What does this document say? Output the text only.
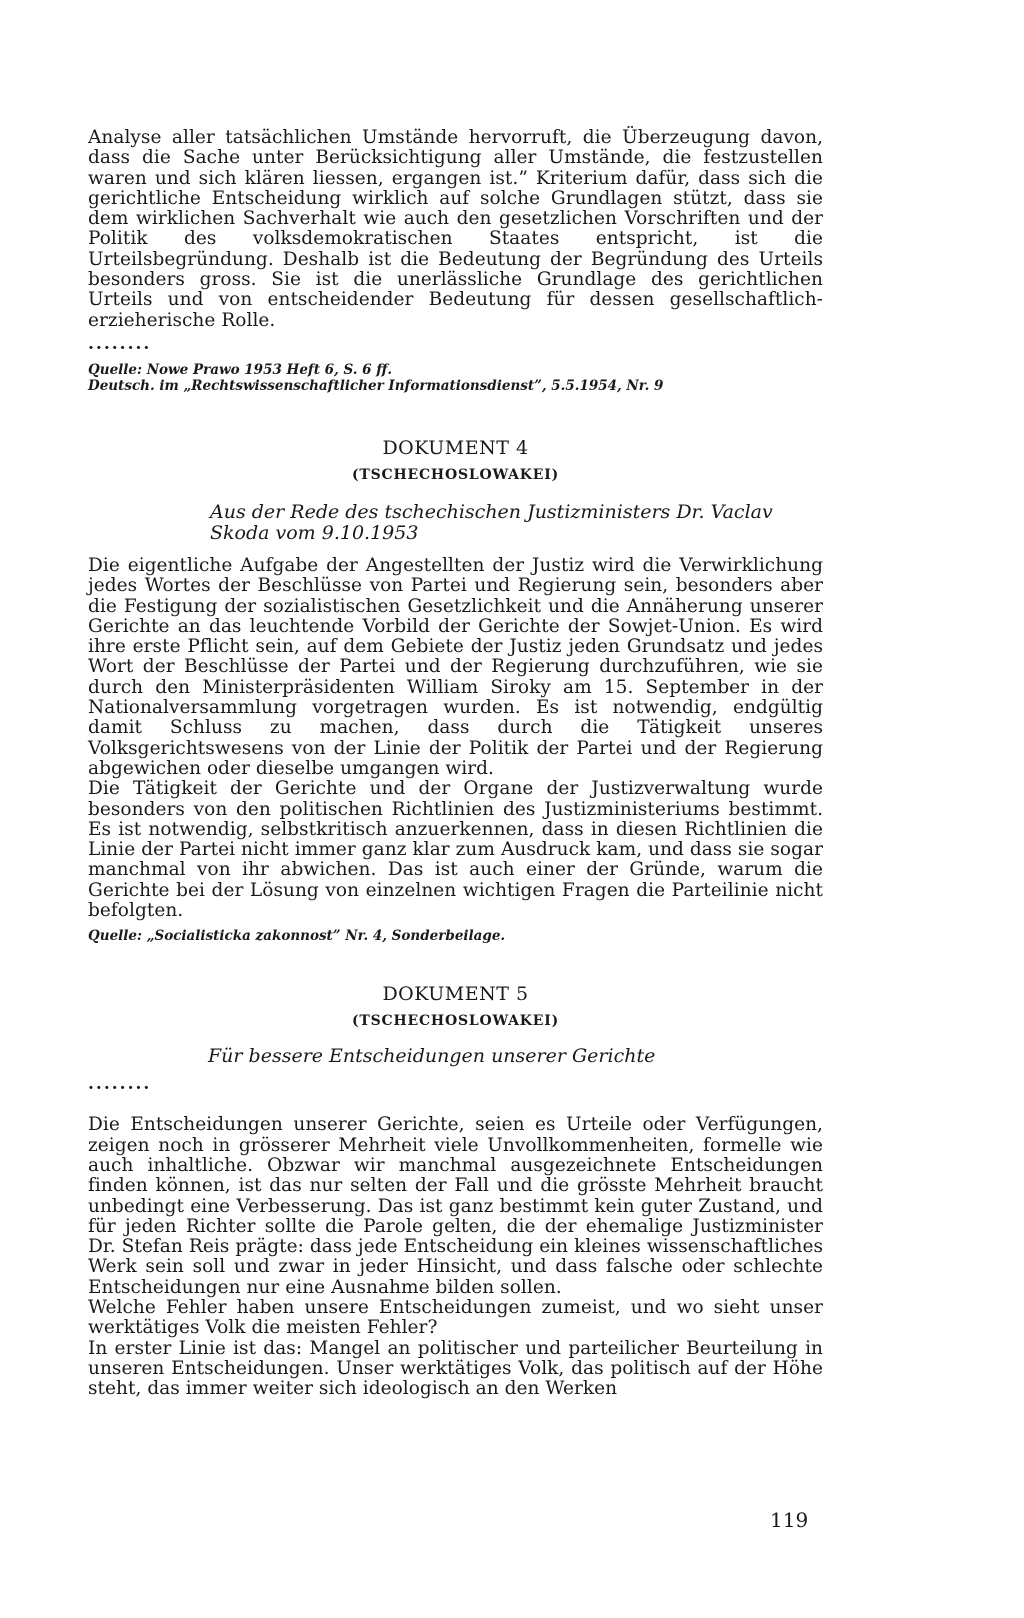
Analyse aller tatsächlichen Umstände hervorruft, die Überzeugung davon, dass die Sache unter Berücksichtigung aller Umstände, die festzustellen waren und sich klären liessen, ergangen ist.” Kriterium dafür, dass sich die gerichtliche Entscheidung wirklich auf solche Grundlagen stützt, dass sie dem wirklichen Sachverhalt wie auch den gesetzlichen Vorschriften und der Politik des volksdemokratischen Staates entspricht, ist die Urteilsbegründung. Deshalb ist die Bedeutung der Begründung des Urteils besonders gross. Sie ist die unerlässliche Grundlage des gerichtlichen Urteils und von entscheidender Bedeutung für dessen gesellschaftlich-erzieherische Rolle.

........

Quelle: Nowe Prawo 1953 Heft 6, S. 6 ff.

Deutsch. im „Rechtswissenschaftlicher Informationsdienst”, 5.5.1954, Nr. 9

DOKUMENT 4

(TSCHECHOSLOWAKEI)

Aus der Rede des tschechischen Justizministers Dr. Vaclav

Skoda vom 9.10.1953

Die eigentliche Aufgabe der Angestellten der Justiz wird die Verwirklichung jedes Wortes der Beschlüsse von Partei und Regierung sein, besonders aber die Festigung der sozialistischen Gesetzlichkeit und die Annäherung unserer Gerichte an das leuchtende Vorbild der Gerichte der Sowjet-Union. Es wird ihre erste Pflicht sein, auf dem Gebiete der Justiz jeden Grundsatz und jedes Wort der Beschlüsse der Partei und der Regierung durchzuführen, wie sie durch den Ministerpräsidenten William Siroky am 15. September in der Nationalversammlung vorgetragen wurden. Es ist notwendig, endgültig damit Schluss zu machen, dass durch die Tätigkeit unseres Volksgerichtswesens von der Linie der Politik der Partei und der Regierung abgewichen oder dieselbe umgangen wird.

Die Tätigkeit der Gerichte und der Organe der Justizverwaltung wurde besonders von den politischen Richtlinien des Justizministeriums bestimmt. Es ist notwendig, selbstkritisch anzuerkennen, dass in diesen Richtlinien die Linie der Partei nicht immer ganz klar zum Ausdruck kam, und dass sie sogar manchmal von ihr abwichen. Das ist auch einer der Gründe, warum die Gerichte bei der Lösung von einzelnen wichtigen Fragen die Parteilinie nicht befolgten.

Quelle: „Socialisticka zakonnost” Nr. 4, Sonderbeilage.

DOKUMENT 5

(TSCHECHOSLOWAKEI)

Für bessere Entscheidungen unserer Gerichte

........

Die Entscheidungen unserer Gerichte, seien es Urteile oder Verfügungen, zeigen noch in grösserer Mehrheit viele Unvollkommenheiten, formelle wie auch inhaltliche. Obzwar wir manchmal ausgezeichnete Entscheidungen finden können, ist das nur selten der Fall und die grösste Mehrheit braucht unbedingt eine Verbesserung. Das ist ganz bestimmt kein guter Zustand, und für jeden Richter sollte die Parole gelten, die der ehemalige Justizminister Dr. Stefan Reis prägte: dass jede Entscheidung ein kleines wissenschaftliches Werk sein soll und zwar in jeder Hinsicht, und dass falsche oder schlechte Entscheidungen nur eine Ausnahme bilden sollen.

Welche Fehler haben unsere Entscheidungen zumeist, und wo sieht unser werktätiges Volk die meisten Fehler?

In erster Linie ist das: Mangel an politischer und parteilicher Beurteilung in unseren Entscheidungen. Unser werktätiges Volk, das politisch auf der Höhe steht, das immer weiter sich ideologisch an den Werken

119
